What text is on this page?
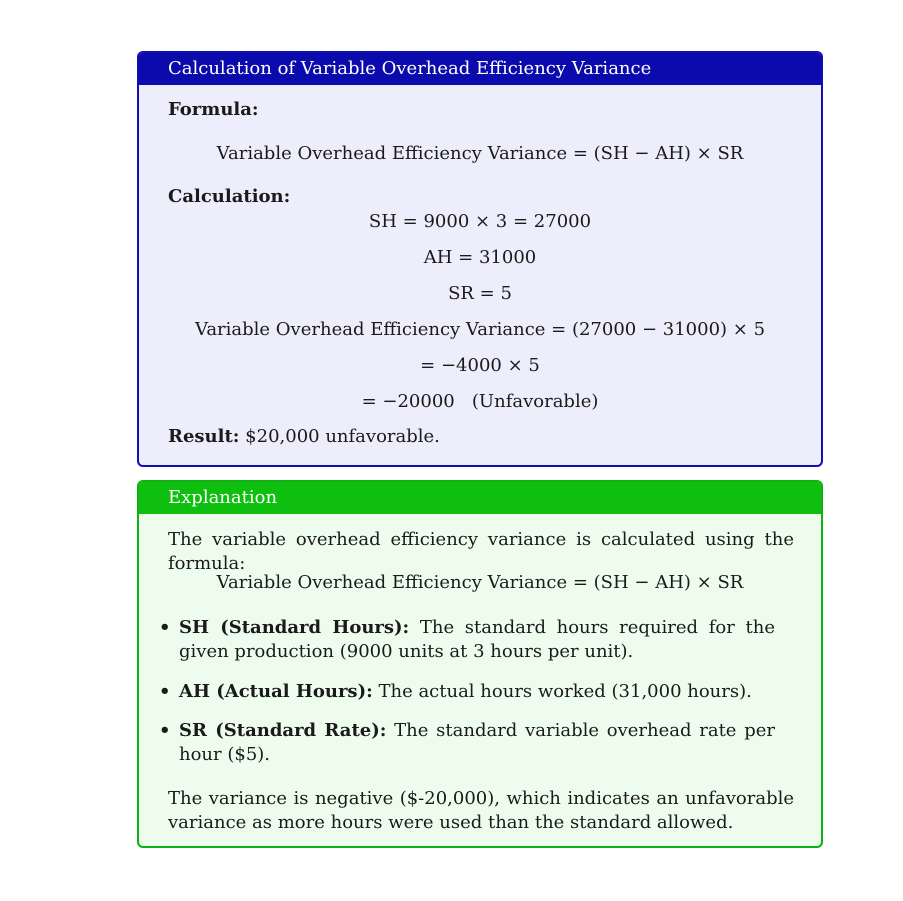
Calculation of Variable Overhead Efficiency Variance
Formula:
Variable Overhead Efficiency Variance = (SH − AH) × SR
Calculation:
SH = 9000 × 3 = 27000
AH = 31000
SR = 5
Variable Overhead Efficiency Variance = (27000 − 31000) × 5
= −4000 × 5
= −20000   (Unfavorable)
Result: $20,000 unfavorable.
Explanation
The variable overhead efficiency variance is calculated using the formula:
Variable Overhead Efficiency Variance = (SH − AH) × SR
• SH (Standard Hours): The standard hours required for the given production (9000 units at 3 hours per unit).
• AH (Actual Hours): The actual hours worked (31,000 hours).
• SR (Standard Rate): The standard variable overhead rate per hour ($5).
The variance is negative ($-20,000), which indicates an unfavorable variance as more hours were used than the standard allowed.
